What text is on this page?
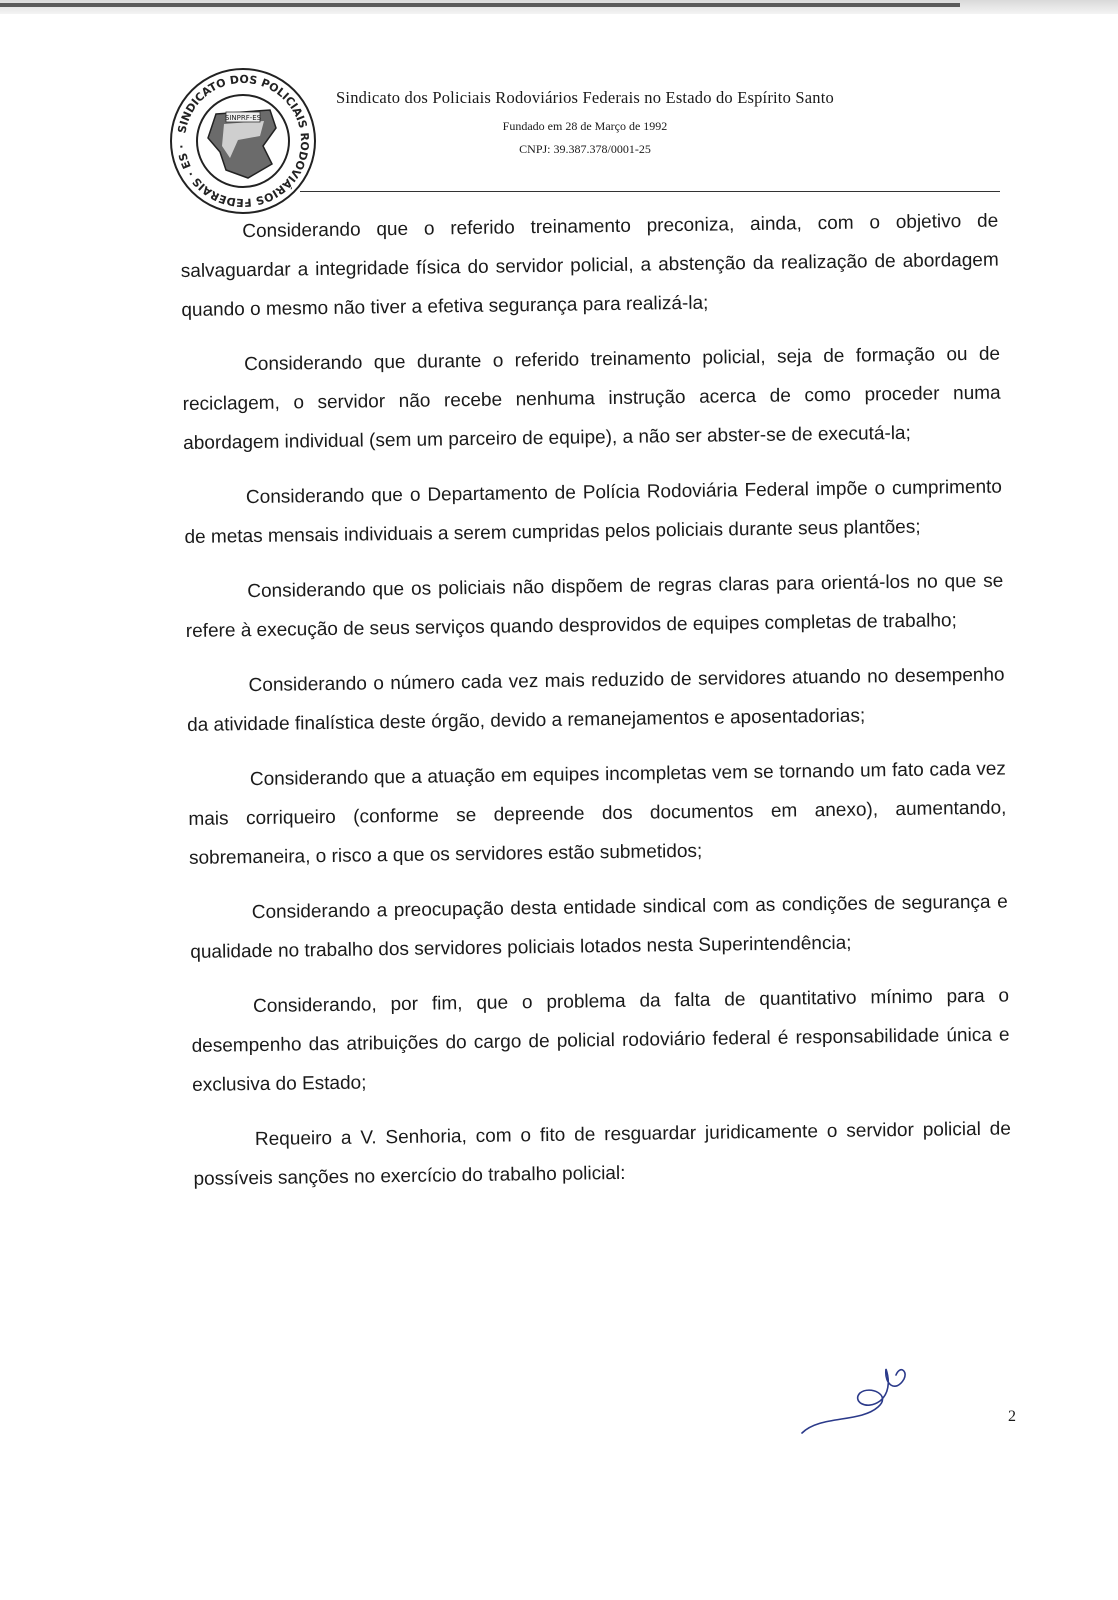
SINDICATO DOS POLICIAIS RODOVIÁRIOS FEDERAIS · ES ·
SINPRF-ES
Sindicato dos Policiais Rodoviários Federais no Estado do Espírito Santo
Fundado em 28 de Março de 1992
CNPJ: 39.387.378/0001-25

Considerando que o referido treinamento preconiza, ainda, com o objetivo de salvaguardar a integridade física do servidor policial, a abstenção da realização de abordagem quando o mesmo não tiver a efetiva segurança para realizá-la;

Considerando que durante o referido treinamento policial, seja de formação ou de reciclagem, o servidor não recebe nenhuma instrução acerca de como proceder numa abordagem individual (sem um parceiro de equipe), a não ser abster-se de executá-la;

Considerando que o Departamento de Polícia Rodoviária Federal impõe o cumprimento de metas mensais individuais a serem cumpridas pelos policiais durante seus plantões;

Considerando que os policiais não dispõem de regras claras para orientá-los no que se refere à execução de seus serviços quando desprovidos de equipes completas de trabalho;

Considerando o número cada vez mais reduzido de servidores atuando no desempenho da atividade finalística deste órgão, devido a remanejamentos e aposentadorias;

Considerando que a atuação em equipes incompletas vem se tornando um fato cada vez mais corriqueiro (conforme se depreende dos documentos em anexo), aumentando, sobremaneira, o risco a que os servidores estão submetidos;

Considerando a preocupação desta entidade sindical com as condições de segurança e qualidade no trabalho dos servidores policiais lotados nesta Superintendência;

Considerando, por fim, que o problema da falta de quantitativo mínimo para o desempenho das atribuições do cargo de policial rodoviário federal é responsabilidade única e exclusiva do Estado;

Requeiro a V. Senhoria, com o fito de resguardar juridicamente o servidor policial de possíveis sanções no exercício do trabalho policial:

2
